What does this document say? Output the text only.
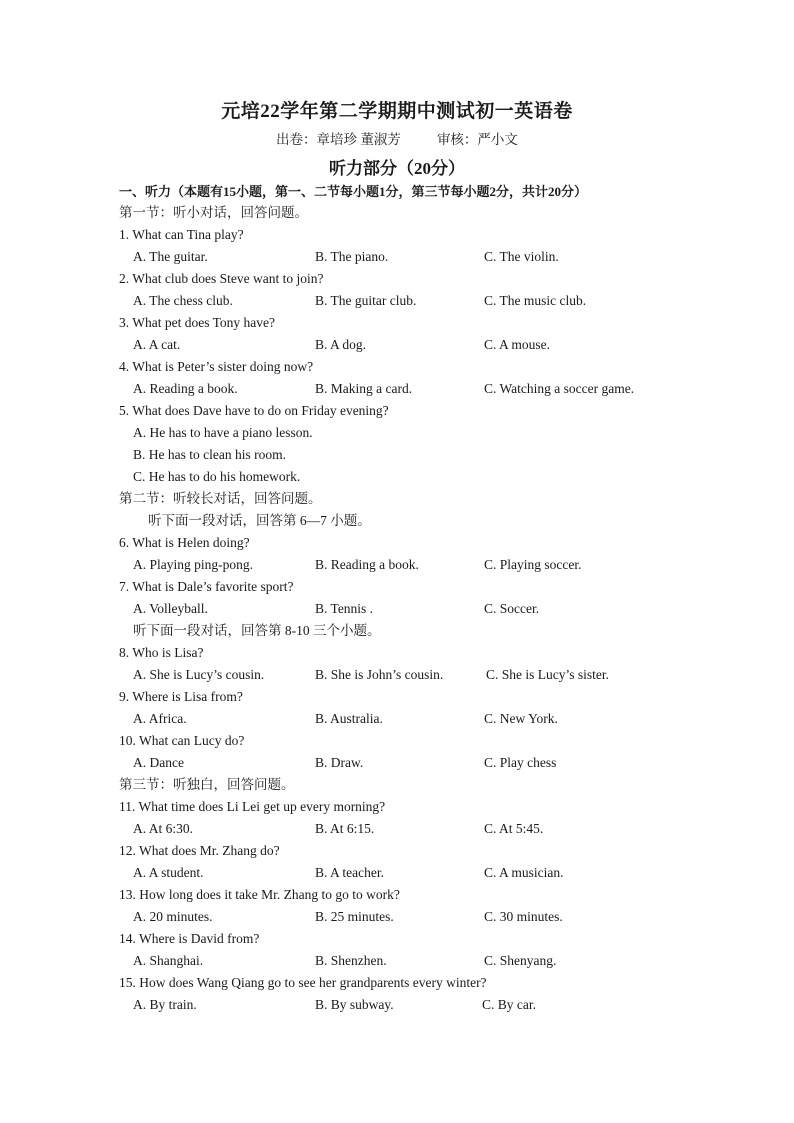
元培22学年第二学期期中测试初一英语卷
出卷：章培珍 董淑芳	审核：严小文
听力部分（20分）
一、听力（本题有15小题，第一、二节每小题1分，第三节每小题2分，共计20分）
第一节：听小对话，回答问题。
1. What can Tina play?
A. The guitar.	B. The piano.	C. The violin.
2. What club does Steve want to join?
A. The chess club.	B. The guitar club.	C. The music club.
3. What pet does Tony have?
A. A cat.	B. A dog.	C. A mouse.
4. What is Peter’s sister doing now?
A. Reading a book.	B. Making a card.	C. Watching a soccer game.
5. What does Dave have to do on Friday evening?
A. He has to have a piano lesson.
B. He has to clean his room.
C. He has to do his homework.
第二节：听较长对话，回答问题。
听下面一段对话，回答第 6—7 小题。
6. What is Helen doing?
A. Playing ping-pong.	B. Reading a book.	C. Playing soccer.
7. What is Dale’s favorite sport?
A. Volleyball.	B. Tennis .	C. Soccer.
听下面一段对话，回答第 8-10 三个小题。
8. Who is Lisa?
A. She is Lucy’s cousin.	B. She is John’s cousin.	C. She is Lucy’s sister.
9. Where is Lisa from?
A. Africa.	B. Australia.	C. New York.
10. What can Lucy do?
A. Dance	B. Draw.	C. Play chess
第三节：听独白，回答问题。
11. What time does Li Lei get up every morning?
A. At 6:30.	B. At 6:15.	C. At 5:45.
12. What does Mr. Zhang do?
A. A student.	B. A teacher.	C. A musician.
13. How long does it take Mr. Zhang to go to work?
A. 20 minutes.	B. 25 minutes.	C. 30 minutes.
14. Where is David from?
A. Shanghai.	B. Shenzhen.	C. Shenyang.
15. How does Wang Qiang go to see her grandparents every winter?
A. By train.	B. By subway.	C. By car.
